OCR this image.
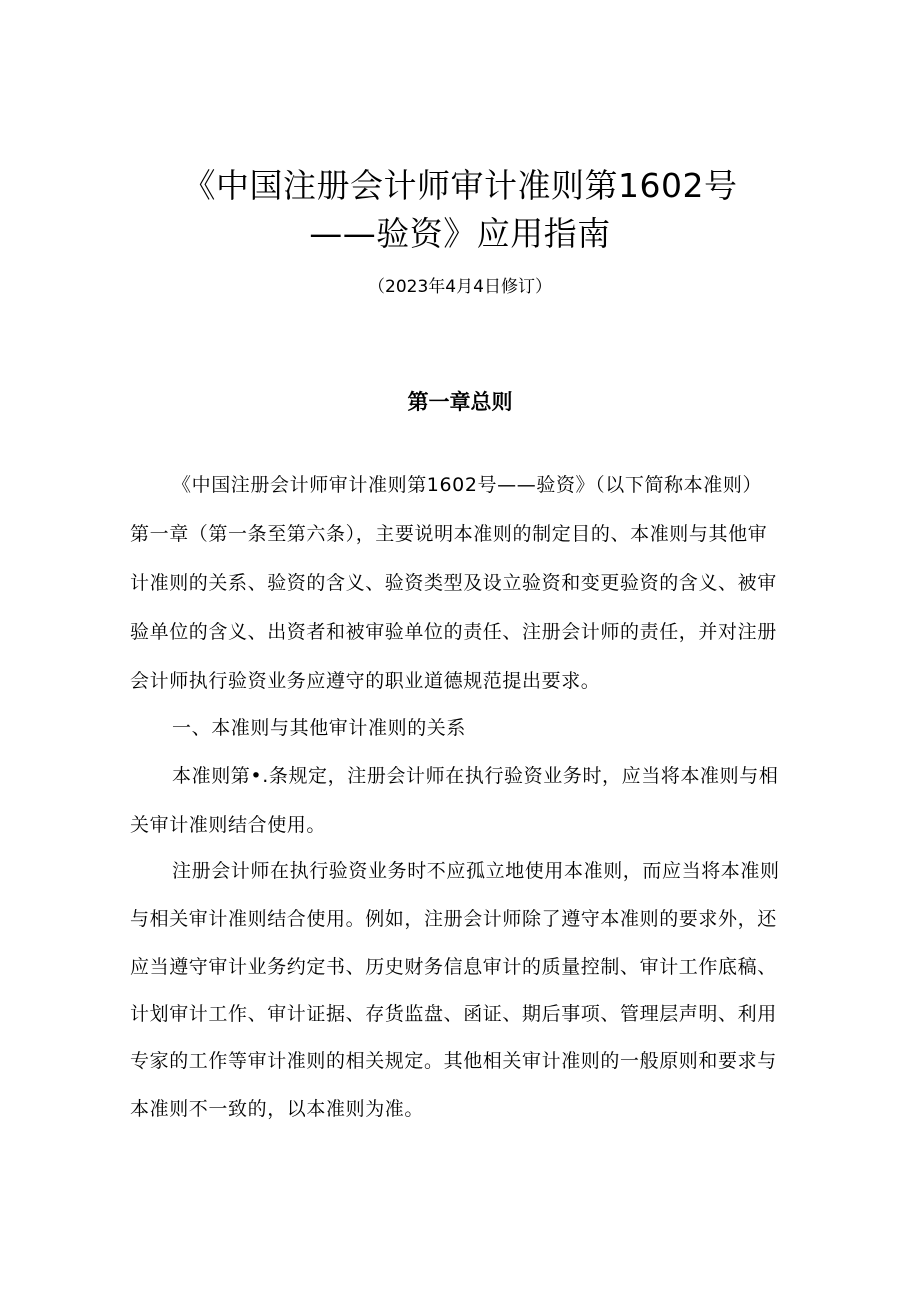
《中国注册会计师审计准则第1602号
——验资》应用指南
（2023年4月4日修订）
第一章总则
《中国注册会计师审计准则第1602号——验资》（以下简称本准则）
第一章（第一条至第六条），主要说明本准则的制定目的、本准则与其他审
计准则的关系、验资的含义、验资类型及设立验资和变更验资的含义、被审
验单位的含义、出资者和被审验单位的责任、注册会计师的责任，并对注册
会计师执行验资业务应遵守的职业道德规范提出要求。
一、本准则与其他审计准则的关系
本准则第•.条规定，注册会计师在执行验资业务时，应当将本准则与相
关审计准则结合使用。
注册会计师在执行验资业务时不应孤立地使用本准则，而应当将本准则
与相关审计准则结合使用。例如，注册会计师除了遵守本准则的要求外，还
应当遵守审计业务约定书、历史财务信息审计的质量控制、审计工作底稿、
计划审计工作、审计证据、存货监盘、函证、期后事项、管理层声明、利用
专家的工作等审计准则的相关规定。其他相关审计准则的一般原则和要求与
本准则不一致的，以本准则为准。
